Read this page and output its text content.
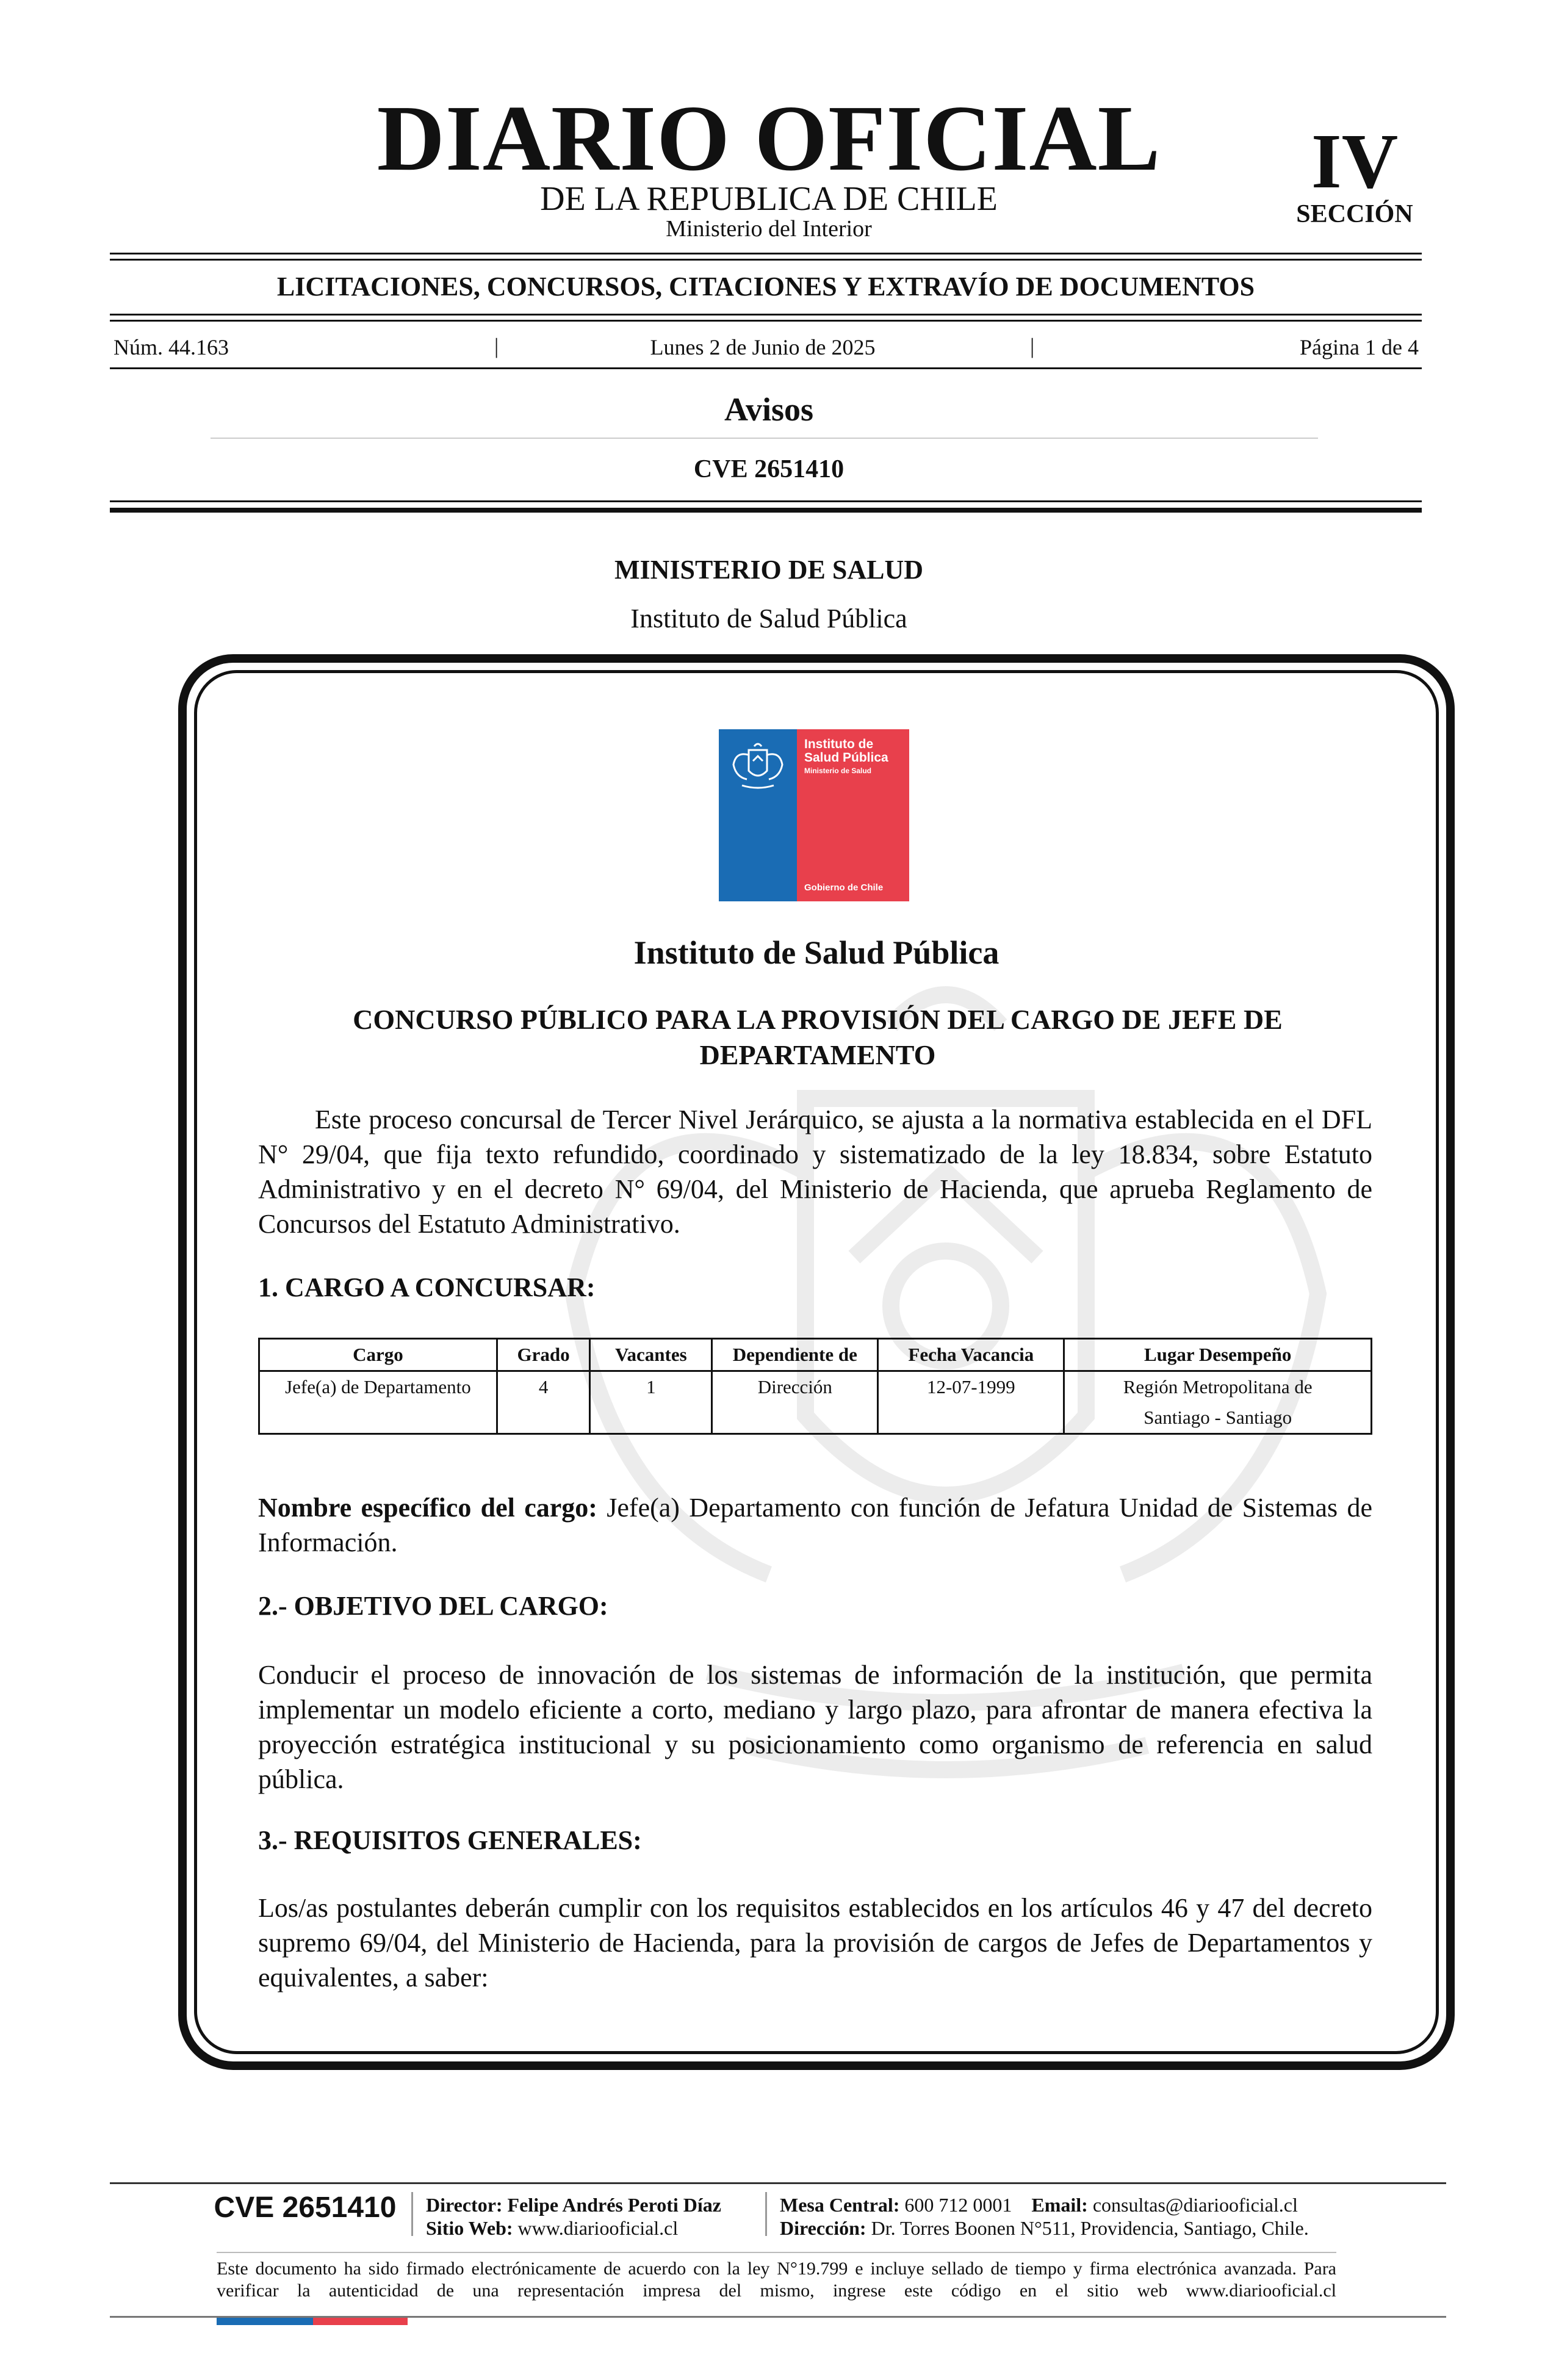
DIARIO OFICIAL
DE LA REPUBLICA DE CHILE
Ministerio del Interior
IV
SECCIÓN
LICITACIONES, CONCURSOS, CITACIONES Y EXTRAVÍO DE DOCUMENTOS
Núm. 44.163	|	Lunes 2 de Junio de 2025	|	Página 1 de 4
Avisos
CVE 2651410
MINISTERIO DE SALUD
Instituto de Salud Pública
Instituto de
Salud Pública
Ministerio de Salud
Gobierno de Chile
Instituto de Salud Pública
CONCURSO PÚBLICO PARA LA PROVISIÓN DEL CARGO DE JEFE DE DEPARTAMENTO

Este proceso concursal de Tercer Nivel Jerárquico, se ajusta a la normativa establecida en el DFL N° 29/04, que fija texto refundido, coordinado y sistematizado de la ley 18.834, sobre Estatuto Administrativo y en el decreto N° 69/04, del Ministerio de Hacienda, que aprueba Reglamento de Concursos del Estatuto Administrativo.

1. CARGO A CONCURSAR:
Cargo	Grado	Vacantes	Dependiente de	Fecha Vacancia	Lugar Desempeño
Jefe(a) de Departamento	4	1	Dirección	12-07-1999	Región Metropolitana de Santiago - Santiago

Nombre específico del cargo: Jefe(a) Departamento con función de Jefatura Unidad de Sistemas de Información.

2.- OBJETIVO DEL CARGO:

Conducir el proceso de innovación de los sistemas de información de la institución, que permita implementar un modelo eficiente a corto, mediano y largo plazo, para afrontar de manera efectiva la proyección estratégica institucional y su posicionamiento como organismo de referencia en salud pública.

3.- REQUISITOS GENERALES:

Los/as postulantes deberán cumplir con los requisitos establecidos en los artículos 46 y 47 del decreto supremo 69/04, del Ministerio de Hacienda, para la provisión de cargos de Jefes de Departamentos y equivalentes, a saber:

CVE 2651410	Director: Felipe Andrés Peroti Díaz
Sitio Web: www.diariooficial.cl
Mesa Central: 600 712 0001 Email: consultas@diariooficial.cl
Dirección: Dr. Torres Boonen N°511, Providencia, Santiago, Chile.
Este documento ha sido firmado electrónicamente de acuerdo con la ley N°19.799 e incluye sellado de tiempo y firma electrónica avanzada. Para verificar la autenticidad de una representación impresa del mismo, ingrese este código en el sitio web www.diariooficial.cl
